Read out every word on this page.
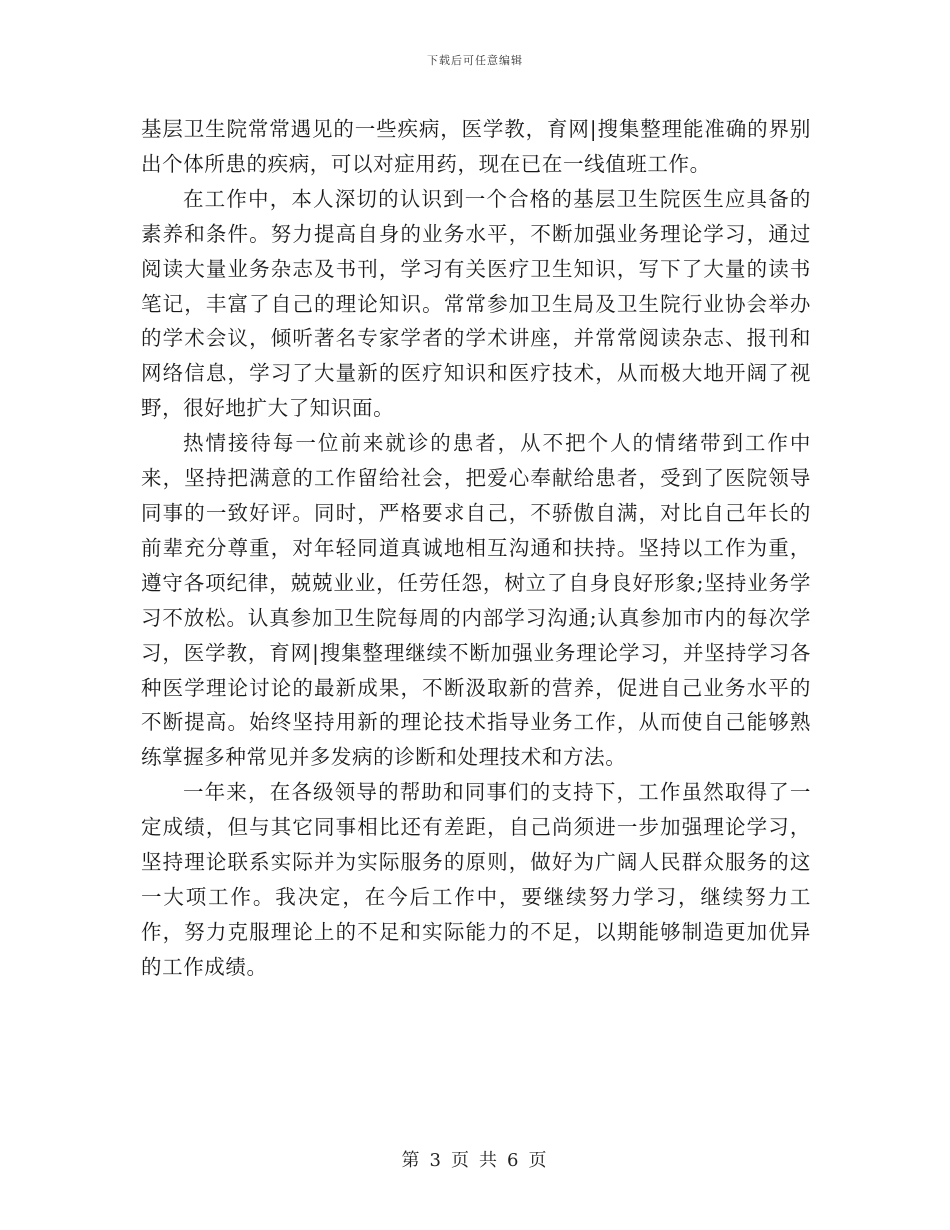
下载后可任意编辑

基层卫生院常常遇见的一些疾病，医学教，育网|搜集整理能准确的界别出个体所患的疾病，可以对症用药，现在已在一线值班工作。

在工作中，本人深切的认识到一个合格的基层卫生院医生应具备的素养和条件。努力提高自身的业务水平，不断加强业务理论学习，通过阅读大量业务杂志及书刊，学习有关医疗卫生知识，写下了大量的读书笔记，丰富了自己的理论知识。常常参加卫生局及卫生院行业协会举办的学术会议，倾听著名专家学者的学术讲座，并常常阅读杂志、报刊和网络信息，学习了大量新的医疗知识和医疗技术，从而极大地开阔了视野，很好地扩大了知识面。

热情接待每一位前来就诊的患者，从不把个人的情绪带到工作中来，坚持把满意的工作留给社会，把爱心奉献给患者，受到了医院领导同事的一致好评。同时，严格要求自己，不骄傲自满，对比自己年长的前辈充分尊重，对年轻同道真诚地相互沟通和扶持。坚持以工作为重，遵守各项纪律，兢兢业业，任劳任怨，树立了自身良好形象;坚持业务学习不放松。认真参加卫生院每周的内部学习沟通;认真参加市内的每次学习，医学教，育网|搜集整理继续不断加强业务理论学习，并坚持学习各种医学理论讨论的最新成果，不断汲取新的营养，促进自己业务水平的不断提高。始终坚持用新的理论技术指导业务工作，从而使自己能够熟练掌握多种常见并多发病的诊断和处理技术和方法。

一年来，在各级领导的帮助和同事们的支持下，工作虽然取得了一定成绩，但与其它同事相比还有差距，自己尚须进一步加强理论学习，坚持理论联系实际并为实际服务的原则，做好为广阔人民群众服务的这一大项工作。我决定，在今后工作中，要继续努力学习，继续努力工作，努力克服理论上的不足和实际能力的不足，以期能够制造更加优异的工作成绩。

第 3 页 共 6 页
